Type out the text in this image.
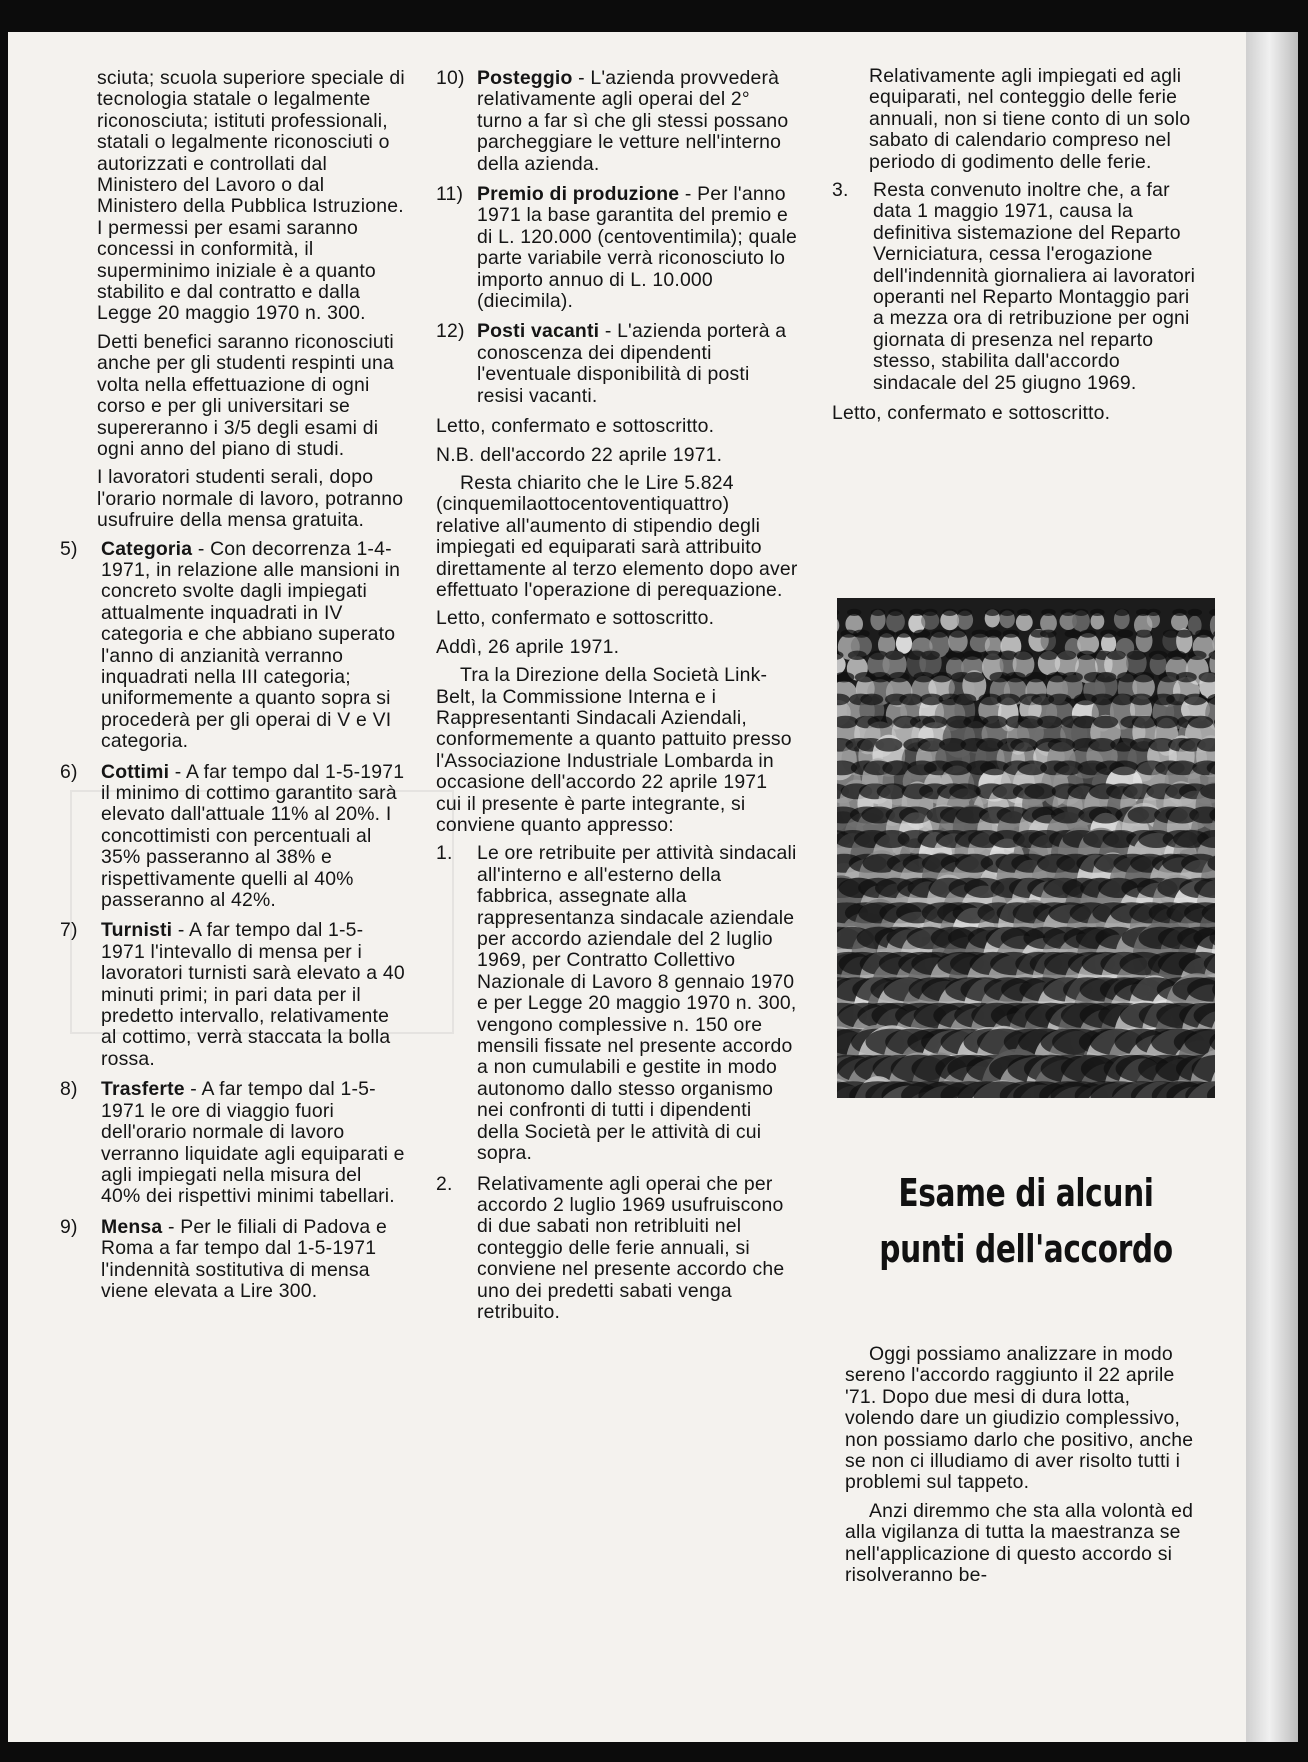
sciuta; scuola superiore speciale di tecnologia statale o legalmente riconosciuta; istituti professionali, statali o legalmente riconosciuti o autorizzati e controllati dal Ministero del Lavoro o dal Ministero della Pubblica Istruzione. I permessi per esami saranno concessi in conformità, il superminimo iniziale è a quanto stabilito e dal contratto e dalla Legge 20 maggio 1970 n. 300.

Detti benefici saranno riconosciuti anche per gli studenti respinti una volta nella effettuazione di ogni corso e per gli universitari se supereranno i 3/5 degli esami di ogni anno del piano di studi.

I lavoratori studenti serali, dopo l'orario normale di lavoro, potranno usufruire della mensa gratuita.

5)	Categoria - Con decorrenza 1-4-1971, in relazione alle mansioni in concreto svolte dagli impiegati attualmente inquadrati in IV categoria e che abbiano superato l'anno di anzianità verranno inquadrati nella III categoria; uniformemente a quanto sopra si procederà per gli operai di V e VI categoria.
6)	Cottimi - A far tempo dal 1-5-1971 il minimo di cottimo garantito sarà elevato dall'attuale 11% al 20%. I concottimisti con percentuali al 35% passeranno al 38% e rispettivamente quelli al 40% passeranno al 42%.
7)	Turnisti - A far tempo dal 1-5-1971 l'intevallo di mensa per i lavoratori turnisti sarà elevato a 40 minuti primi; in pari data per il predetto intervallo, relativamente al cottimo, verrà staccata la bolla rossa.
8)	Trasferte - A far tempo dal 1-5-1971 le ore di viaggio fuori dell'orario normale di lavoro verranno liquidate agli equiparati e agli impiegati nella misura del 40% dei rispettivi minimi tabellari.
9)	Mensa - Per le filiali di Padova e Roma a far tempo dal 1-5-1971 l'indennità sostitutiva di mensa viene elevata a Lire 300.
10) Posteggio - L'azienda provvederà relativamente agli operai del 2° turno a far sì che gli stessi possano parcheggiare le vetture nell'interno della azienda.
11) Premio di produzione - Per l'anno 1971 la base garantita del premio e di L. 120.000 (centoventimila); quale parte variabile verrà riconosciuto lo importo annuo di L. 10.000 (diecimila).
12) Posti vacanti - L'azienda porterà a conoscenza dei dipendenti l'eventuale disponibilità di posti resisi vacanti.

Letto, confermato e sottoscritto.

N.B. dell'accordo 22 aprile 1971.

Resta chiarito che le Lire 5.824 (cinquemilaottocentoventiquattro) relative all'aumento di stipendio degli impiegati ed equiparati sarà attribuito direttamente al terzo elemento dopo aver effettuato l'operazione di perequazione.

Letto, confermato e sottoscritto.

Addì, 26 aprile 1971.

Tra la Direzione della Società Link-Belt, la Commissione Interna e i Rappresentanti Sindacali Aziendali, conformemente a quanto pattuito presso l'Associazione Industriale Lombarda in occasione dell'accordo 22 aprile 1971 cui il presente è parte integrante, si conviene quanto appresso:

1.	Le ore retribuite per attività sindacali all'interno e all'esterno della fabbrica, assegnate alla rappresentanza sindacale aziendale per accordo aziendale del 2 luglio 1969, per Contratto Collettivo Nazionale di Lavoro 8 gennaio 1970 e per Legge 20 maggio 1970 n. 300, vengono complessive n. 150 ore mensili fissate nel presente accordo a non cumulabili e gestite in modo autonomo dallo stesso organismo nei confronti di tutti i dipendenti della Società per le attività di cui sopra.
2.	Relativamente agli operai che per accordo 2 luglio 1969 usufruiscono di due sabati non retribluiti nel conteggio delle ferie annuali, si conviene nel presente accordo che uno dei predetti sabati venga retribuito.

Relativamente agli impiegati ed agli equiparati, nel conteggio delle ferie annuali, non si tiene conto di un solo sabato di calendario compreso nel periodo di godimento delle ferie.

3.	Resta convenuto inoltre che, a far data 1 maggio 1971, causa la definitiva sistemazione del Reparto Verniciatura, cessa l'erogazione dell'indennità giornaliera ai lavoratori operanti nel Reparto Montaggio pari a mezza ora di retribuzione per ogni giornata di presenza nel reparto stesso, stabilita dall'accordo sindacale del 25 giugno 1969.

Letto, confermato e sottoscritto.

Esame di alcuni
punti dell'accordo

Oggi possiamo analizzare in modo sereno l'accordo raggiunto il 22 aprile '71. Dopo due mesi di dura lotta, volendo dare un giudizio complessivo, non possiamo darlo che positivo, anche se non ci illudiamo di aver risolto tutti i problemi sul tappeto.

Anzi diremmo che sta alla volontà ed alla vigilanza di tutta la maestranza se nell'applicazione di questo accordo si risolveranno be-
